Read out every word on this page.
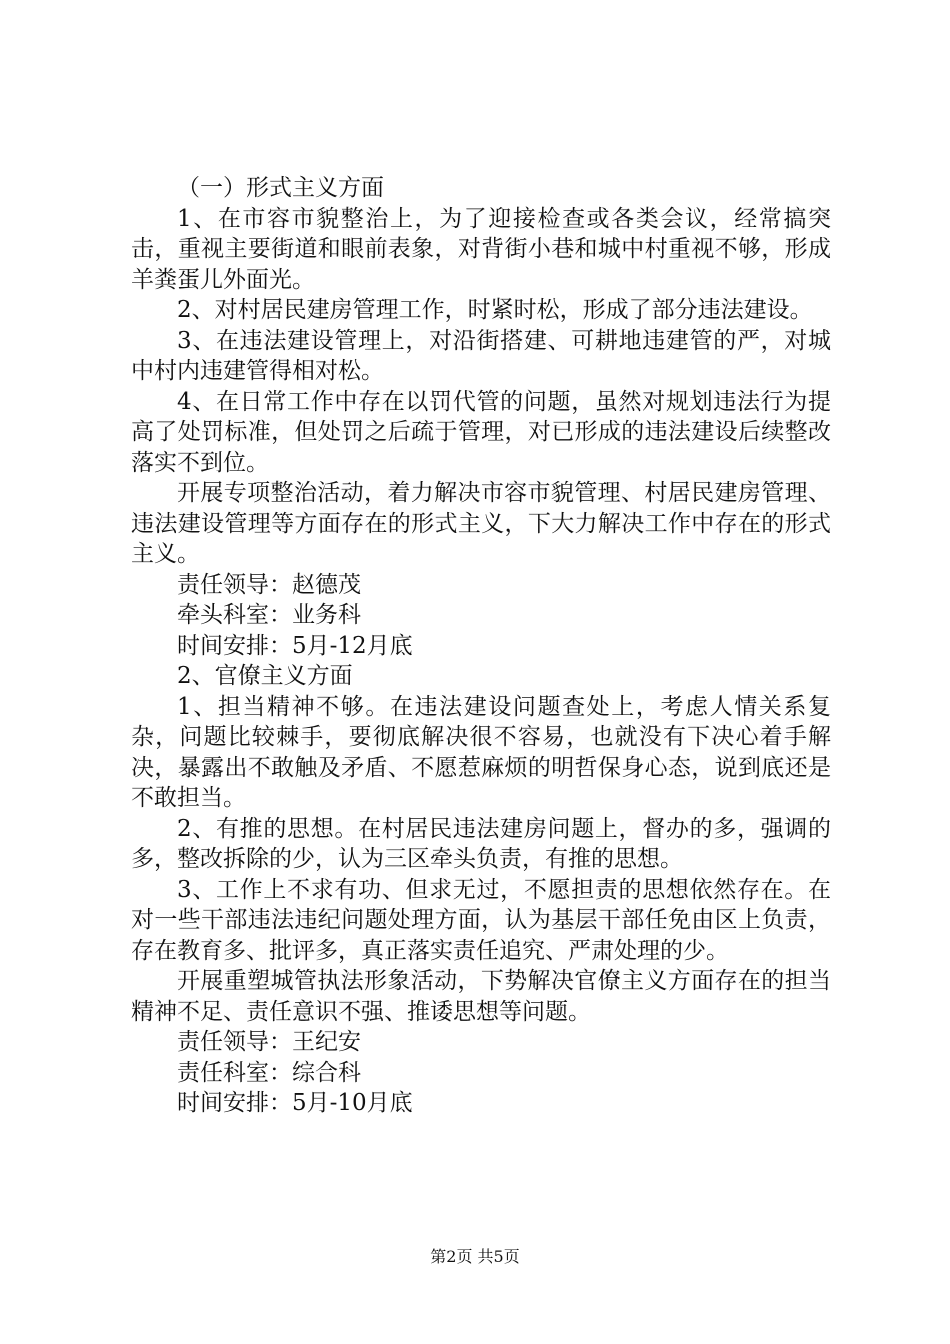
（一）形式主义方面

1、在市容市貌整治上，为了迎接检查或各类会议，经常搞突击，重视主要街道和眼前表象，对背街小巷和城中村重视不够，形成羊粪蛋儿外面光。

2、对村居民建房管理工作，时紧时松，形成了部分违法建设。

3、在违法建设管理上，对沿街搭建、可耕地违建管的严，对城中村内违建管得相对松。

4、在日常工作中存在以罚代管的问题，虽然对规划违法行为提高了处罚标准，但处罚之后疏于管理，对已形成的违法建设后续整改落实不到位。

开展专项整治活动，着力解决市容市貌管理、村居民建房管理、违法建设管理等方面存在的形式主义，下大力解决工作中存在的形式主义。

责任领导：赵德茂

牵头科室：业务科

时间安排：5月-12月底

2、官僚主义方面

1、担当精神不够。在违法建设问题查处上，考虑人情关系复杂，问题比较棘手，要彻底解决很不容易，也就没有下决心着手解决，暴露出不敢触及矛盾、不愿惹麻烦的明哲保身心态，说到底还是不敢担当。

2、有推的思想。在村居民违法建房问题上，督办的多，强调的多，整改拆除的少，认为三区牵头负责，有推的思想。

3、工作上不求有功、但求无过，不愿担责的思想依然存在。在对一些干部违法违纪问题处理方面，认为基层干部任免由区上负责，存在教育多、批评多，真正落实责任追究、严肃处理的少。

开展重塑城管执法形象活动，下势解决官僚主义方面存在的担当精神不足、责任意识不强、推诿思想等问题。

责任领导：王纪安

责任科室：综合科

时间安排：5月-10月底

第2页 共5页
